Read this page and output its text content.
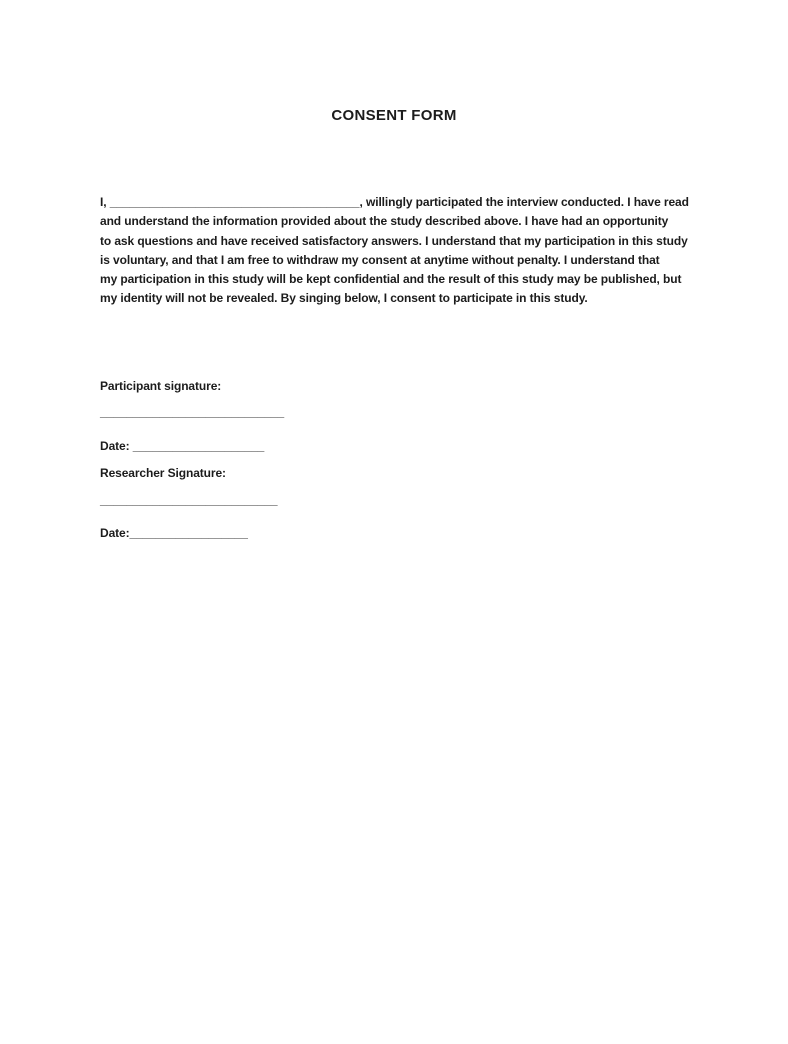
CONSENT FORM
I, ______________________________________, willingly participated the interview conducted. I have read
and understand the information provided about the study described above. I have had an opportunity
to ask questions and have received satisfactory answers. I understand that my participation in this study
is voluntary, and that I am free to withdraw my consent at anytime without penalty. I understand that
my participation in this study will be kept confidential and the result of this study may be published, but
my identity will not be revealed. By singing below, I consent to participate in this study.
Participant signature:
____________________________
Date: ____________________
Researcher Signature:
___________________________
Date:__________________
